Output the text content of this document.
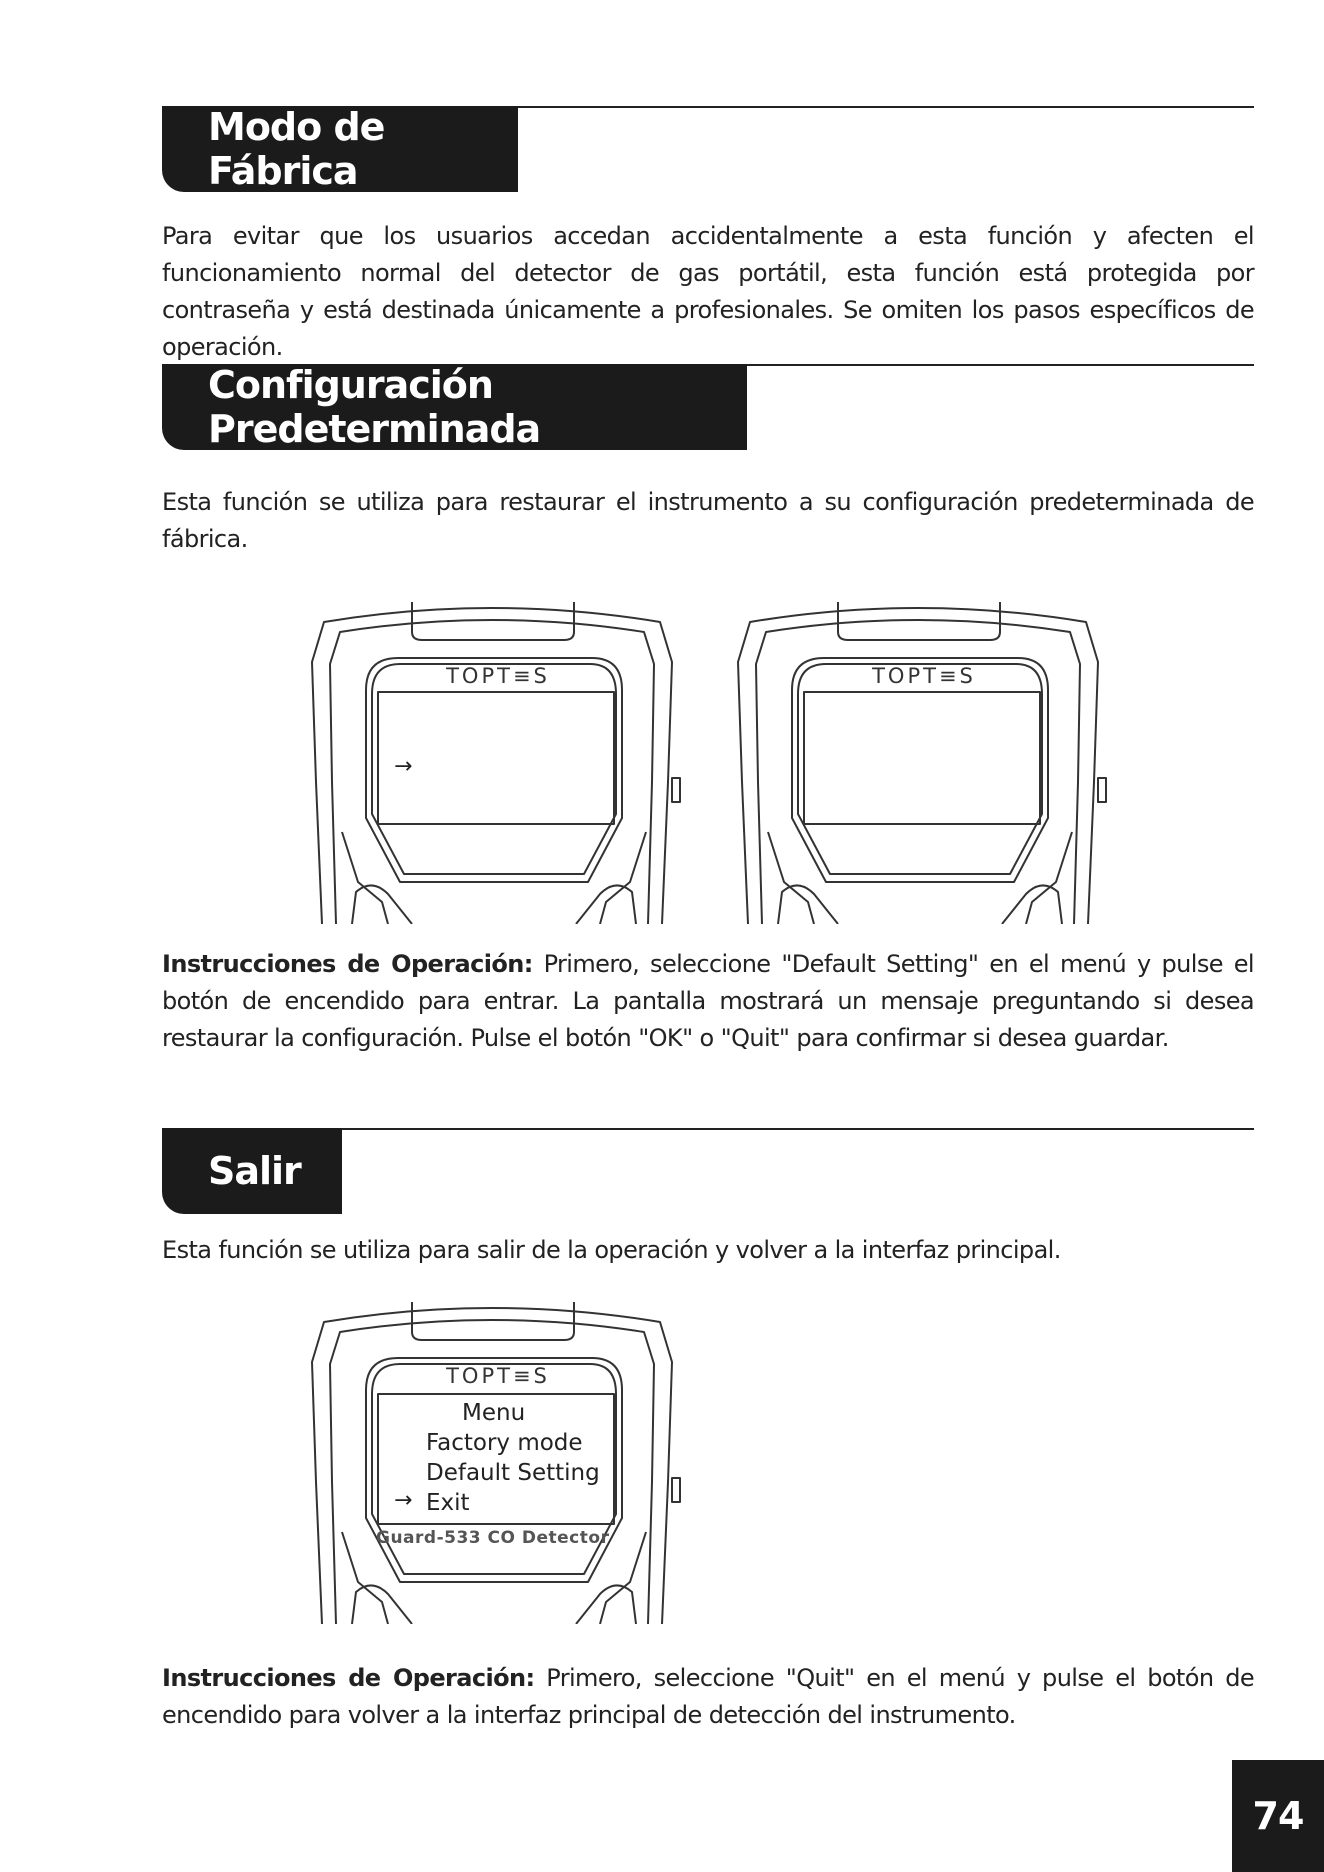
Modo de Fábrica

Para evitar que los usuarios accedan accidentalmente a esta función y afecten el funcionamiento normal del detector de gas portátil, esta función está protegida por contraseña y está destinada únicamente a profesionales. Se omiten los pasos específicos de operación.

Configuración Predeterminada

Esta función se utiliza para restaurar el instrumento a su configuración predeterminada de fábrica.

TOPT≡S
→
TOPT≡S

Instrucciones de Operación: Primero, seleccione "Default Setting" en el menú y pulse el botón de encendido para entrar. La pantalla mostrará un mensaje preguntando si desea restaurar la configuración. Pulse el botón "OK" o "Quit" para confirmar si desea guardar.

Salir

Esta función se utiliza para salir de la operación y volver a la interfaz principal.

TOPT≡S
Menu
Factory mode
Default Setting
→ Exit
Guard-533 CO Detector

Instrucciones de Operación: Primero, seleccione "Quit" en el menú y pulse el botón de encendido para volver a la interfaz principal de detección del instrumento.

74
